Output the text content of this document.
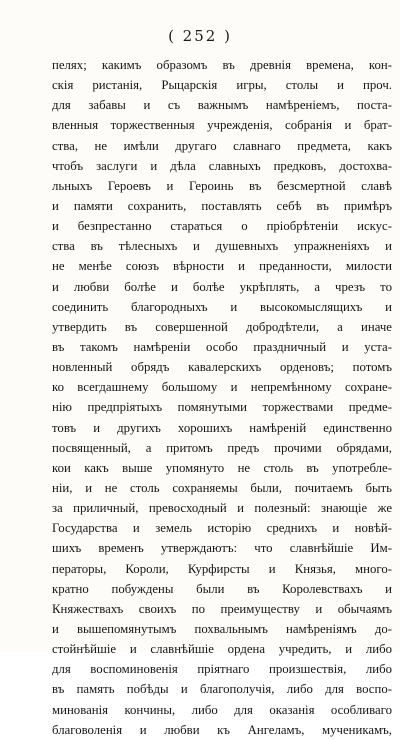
( 252 )
пелях; какимъ образомъ въ древнія времена, кон-
скія ристанія, Рыцарскія игры, столы и проч.
для забавы и съ важнымъ намѣреніемъ, поста-
вленныя торжественныя учрежденія, собранія и брат-
ства, не имѣли другаго славнаго предмета, какъ
чтобъ заслуги и дѣла славныхъ предковъ, достохва-
льныхъ Героевъ и Героинь въ безсмертной славѣ
и памяти сохранить, поставлять себѣ въ примѣръ
и безпрестанно стараться о пріобрѣтеніи искус-
ства въ тѣлесныхъ и душевныхъ упражненіяхъ и
не менѣе союзъ вѣрности и преданности, милости
и любви болѣе и болѣе укрѣплять, а чрезъ то
соединить благородныхъ и высокомыслящихъ и
утвердить въ совершенной добродѣтели, а иначе
въ такомъ намѣреніи особо праздничный и уста-
новленный обрядъ кавалерскихъ орденовъ; потомъ
ко всегдашнему большому и непремѣнному сохране-
нію предпріятыхъ помянутыми торжествами предме-
товъ и другихъ хорошихъ намѣреній единственно
посвященный, а притомъ предъ прочими обрядами,
кои какъ выше упомянуто не столь въ употребле-
ніи, и не столь сохраняемы были, почитаемъ быть
за приличный, превосходный и полезный: знающіе же
Государства и земель исторію среднихъ и новѣй-
шихъ временъ утверждаютъ: что славнѣйшіе Им-
ператоры, Короли, Курфирсты и Князья, много-
кратно побуждены были въ Королевствахъ и
Княжествахъ своихъ по преимуществу и обычаямъ
и вышепомянутымъ похвальнымъ намѣреніямъ до-
стойнѣйшіе и славнѣйшіе ордена учредить, и либо
для воспоминовенія пріятнаго произшествія, либо
въ память побѣды и благополучія, либо для воспо-
минованія кончины, либо для оказанія особливаго
благоволенія и любви къ Ангеламъ, мученикамъ,
